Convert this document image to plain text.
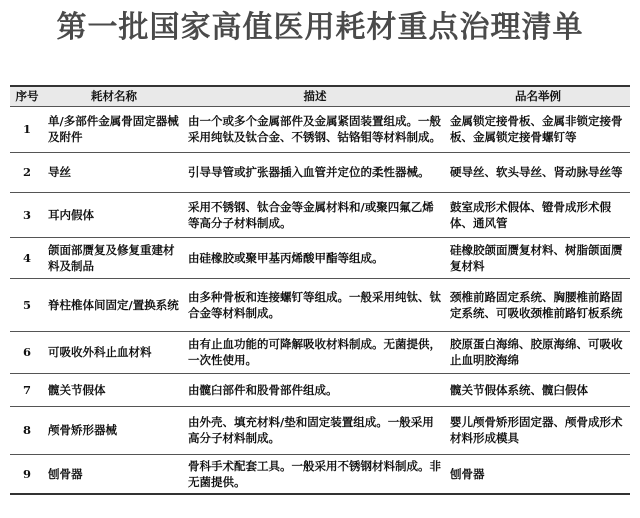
第一批国家高值医用耗材重点治理清单
序号	耗材名称	描述	品名举例
1	单/多部件金属骨固定器械及附件	由一个或多个金属部件及金属紧固装置组成。一般采用纯钛及钛合金、不锈钢、钴铬钼等材料制成。	金属锁定接骨板、金属非锁定接骨板、金属锁定接骨螺钉等
2	导丝	引导导管或扩张器插入血管并定位的柔性器械。	硬导丝、软头导丝、肾动脉导丝等
3	耳内假体	采用不锈钢、钛合金等金属材料和/或聚四氟乙烯等高分子材料制成。	鼓室成形术假体、镫骨成形术假体、通风管
4	颌面部赝复及修复重建材料及制品	由硅橡胶或聚甲基丙烯酸甲酯等组成。	硅橡胶颌面赝复材料、树脂颌面赝复材料
5	脊柱椎体间固定/置换系统	由多种骨板和连接螺钉等组成。一般采用纯钛、钛合金等材料制成。	颈椎前路固定系统、胸腰椎前路固定系统、可吸收颈椎前路钉板系统
6	可吸收外科止血材料	由有止血功能的可降解吸收材料制成。无菌提供，一次性使用。	胶原蛋白海绵、胶原海绵、可吸收止血明胶海绵
7	髋关节假体	由髋臼部件和股骨部件组成。	髋关节假体系统、髋臼假体
8	颅骨矫形器械	由外壳、填充材料/垫和固定装置组成。一般采用高分子材料制成。	婴儿颅骨矫形固定器、颅骨成形术材料形成模具
9	刨骨器	骨科手术配套工具。一般采用不锈钢材料制成。非无菌提供。	刨骨器
